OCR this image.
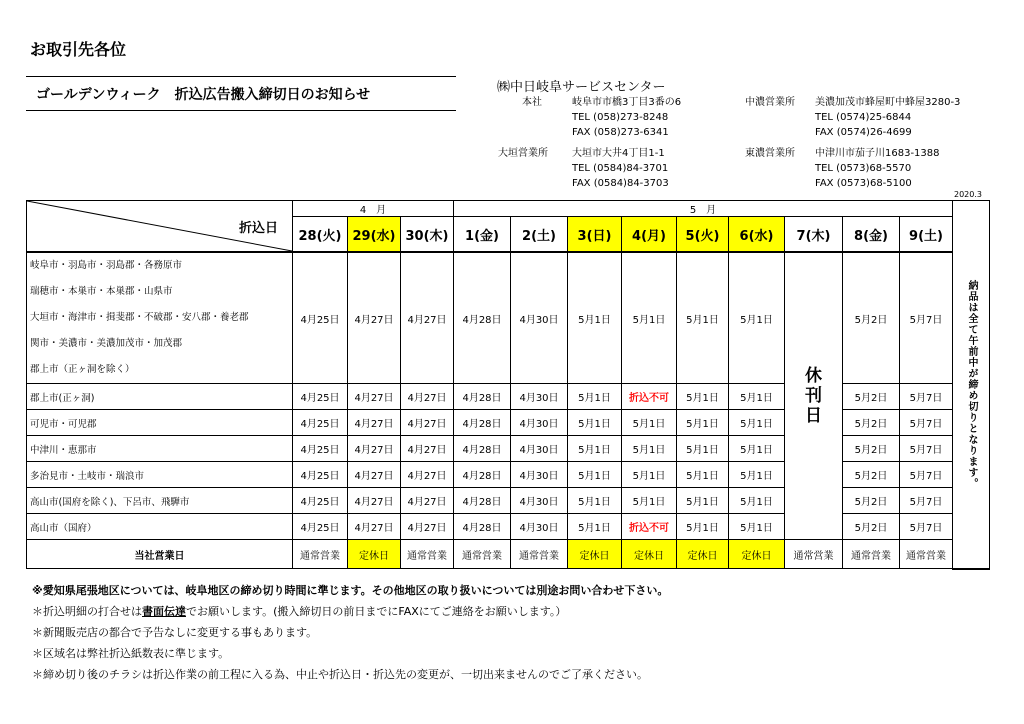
お取引先各位
ゴールデンウィーク　折込広告搬入締切日のお知らせ	㈱中日岐阜サービスセンター
本社	岐阜市市橋3丁目3番の6
TEL (058)273-8248
FAX (058)273-6341
大垣営業所 大垣市大井4丁目1-1
TEL (0584)84-3701
FAX (0584)84-3703
中濃営業所 美濃加茂市蜂屋町中蜂屋3280-3
TEL (0574)25-6844
FAX (0574)26-4699
東濃営業所 中津川市茄子川1683-1388
TEL (0573)68-5570
FAX (0573)68-5100
2020.3
折込日	4　月			5　月									納品は全て午前中が締め切りとなります。

	28(火)	29(水)	30(木)	1(金)	2(土)	3(日)	4(月)	5(火)	6(水)	7(木)	8(金)	9(土)	

岐阜市・羽島市・羽島郡・各務原市
瑞穂市・本巣市・本巣郡・山県市
大垣市・海津市・揖斐郡・不破郡・安八郡・養老郡
関市・美濃市・美濃加茂市・加茂郡
郡上市（正ヶ洞を除く）	4月25日	4月27日	4月27日	4月28日	4月30日	5月1日	5月1日	5月1日	5月1日	休刊日	5月2日	5月7日	
郡上市(正ヶ洞)	4月25日	4月27日	4月27日	4月28日	4月30日	5月1日	折込不可	5月1日	5月1日		5月2日	5月7日	
可児市・可児郡	4月25日	4月27日	4月27日	4月28日	4月30日	5月1日	5月1日	5月1日	5月1日		5月2日	5月7日	
中津川・恵那市	4月25日	4月27日	4月27日	4月28日	4月30日	5月1日	5月1日	5月1日	5月1日		5月2日	5月7日	
多治見市・土岐市・瑞浪市	4月25日	4月27日	4月27日	4月28日	4月30日	5月1日	5月1日	5月1日	5月1日		5月2日	5月7日	
高山市(国府を除く)、下呂市、飛騨市	4月25日	4月27日	4月27日	4月28日	4月30日	5月1日	5月1日	5月1日	5月1日		5月2日	5月7日	
高山市（国府）	4月25日	4月27日	4月27日	4月28日	4月30日	5月1日	折込不可	5月1日	5月1日		5月2日	5月7日	
当社営業日	通常営業	定休日	通常営業	通常営業	通常営業	定休日	定休日	定休日	定休日	通常営業	通常営業	通常営業	
※愛知県尾張地区については、岐阜地区の締め切り時間に準じます。その他地区の取り扱いについては別途お問い合わせ下さい。
＊折込明細の打合せは書面伝達でお願いします。(搬入締切日の前日までにFAXにてご連絡をお願いします。）
＊新聞販売店の都合で予告なしに変更する事もあります。
＊区域名は弊社折込紙数表に準じます。
＊締め切り後のチラシは折込作業の前工程に入る為、中止や折込日・折込先の変更が、一切出来ませんのでご了承ください。
